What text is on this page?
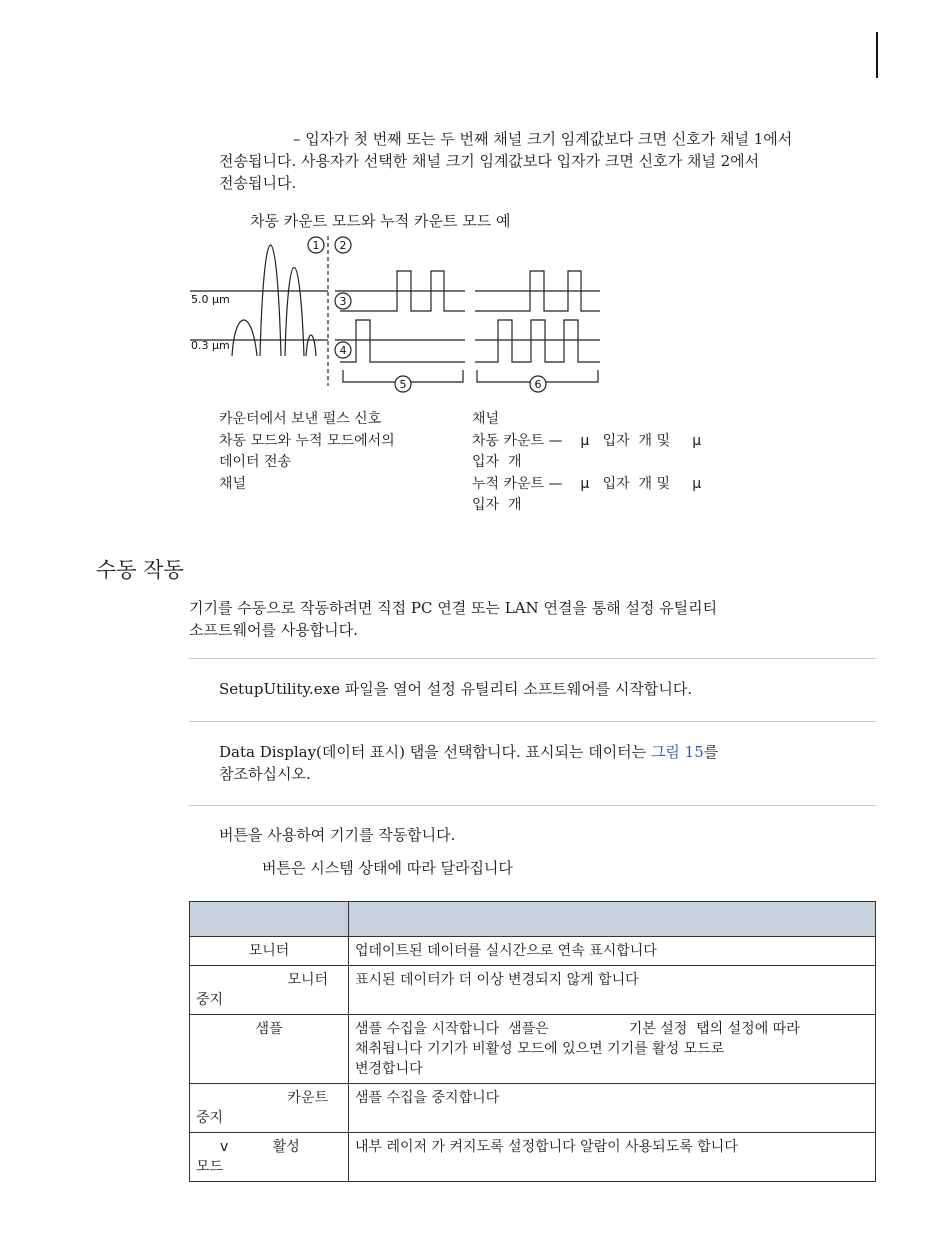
– 입자가 첫 번째 또는 두 번째 채널 크기 임계값보다 크면 신호가 채널 1에서
전송됩니다. 사용자가 선택한 채널 크기 임계값보다 입자가 크면 신호가 채널 2에서
전송됩니다.
차동 카운트 모드와 누적 카운트 모드 예
1 2
3
4
5	6
5.0 µm
0.3 µm
카운터에서 보낸 펄스 신호
차동 모드와 누적 모드에서의
데이터 전송
채널
채널
차동 카운트 —    µ   입자  개 및     µ
입자  개
누적 카운트 —    µ   입자  개 및     µ
입자  개
수동 작동
기기를 수동으로 작동하려면 직접 PC 연결 또는 LAN 연결을 통해 설정 유틸리티
소프트웨어를 사용합니다.
SetupUtility.exe 파일을 열어 설정 유틸리티 소프트웨어를 시작합니다.
Data Display(데이터 표시) 탭을 선택합니다. 표시되는 데이터는 그림 15를
참조하십시오.
버튼을 사용하여 기기를 작동합니다.
버튼은 시스템 상태에 따라 달라집니다

모니터	업데이트된 데이터를 실시간으로 연속 표시합니다

모니터
중지	표시된 데이터가 더 이상 변경되지 않게 합니다

샘플	샘플 수집을 시작합니다  샘플은                  기본 설정  탭의 설정에 따라
채취됩니다 기기가 비활성 모드에 있으면 기기를 활성 모드로
변경합니다

카운트
중지	샘플 수집을 중지합니다

v          활성
모드	내부 레이저 가 켜지도록 설정합니다 알람이 사용되도록 합니다
